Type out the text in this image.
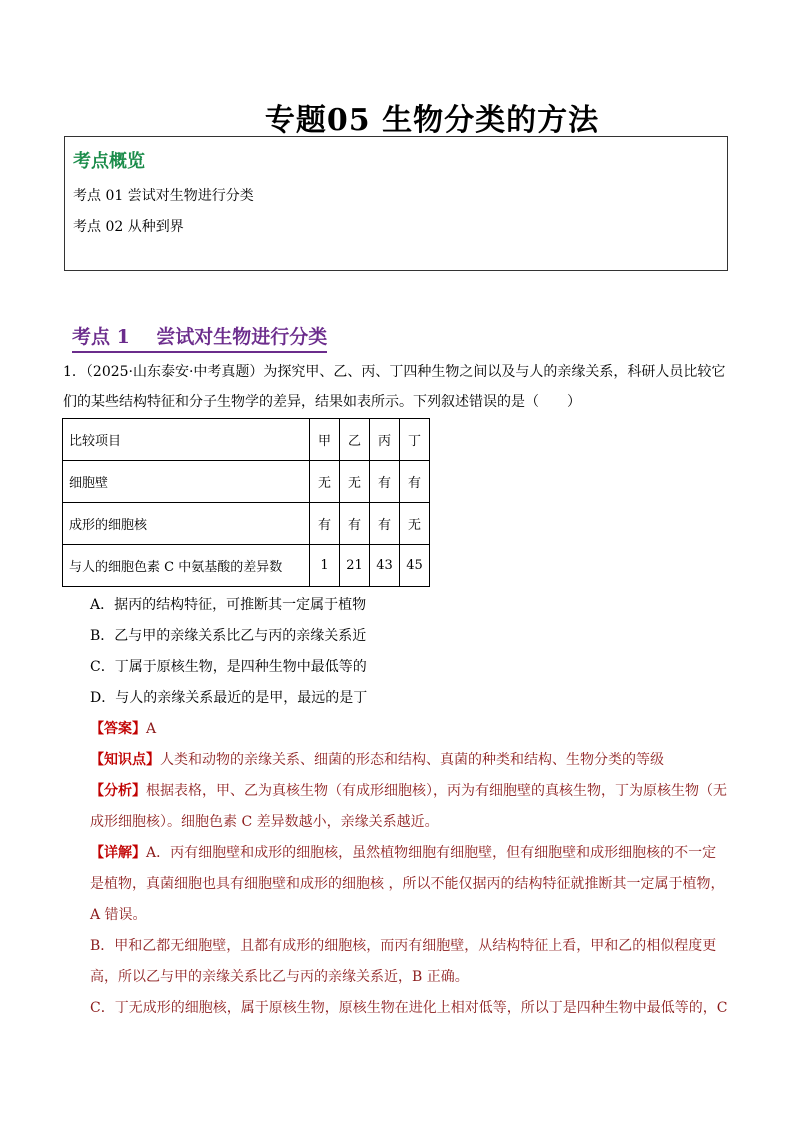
专题05 生物分类的方法
考点概览
考点 01 尝试对生物进行分类
考点 02 从种到界
考点 1    尝试对生物进行分类
1．（2025·山东泰安·中考真题）为探究甲、乙、丙、丁四种生物之间以及与人的亲缘关系，科研人员比较它
们的某些结构特征和分子生物学的差异，结果如表所示。下列叙述错误的是（　　）
比较项目	甲	乙	丙	丁
细胞壁	无	无	有	有
成形的细胞核	有	有	有	无
与人的细胞色素 C 中氨基酸的差异数	1	21	43	45
A．据丙的结构特征，可推断其一定属于植物
B．乙与甲的亲缘关系比乙与丙的亲缘关系近
C．丁属于原核生物，是四种生物中最低等的
D．与人的亲缘关系最近的是甲，最远的是丁
【答案】A
【知识点】人类和动物的亲缘关系、细菌的形态和结构、真菌的种类和结构、生物分类的等级
【分析】根据表格，甲、乙为真核生物（有成形细胞核），丙为有细胞壁的真核生物，丁为原核生物（无
成形细胞核）。细胞色素 C 差异数越小，亲缘关系越近。
【详解】A．丙有细胞壁和成形的细胞核，虽然植物细胞有细胞壁，但有细胞壁和成形细胞核的不一定
是植物，真菌细胞也具有细胞壁和成形的细胞核 ，所以不能仅据丙的结构特征就推断其一定属于植物，
A 错误。
B．甲和乙都无细胞壁，且都有成形的细胞核，而丙有细胞壁，从结构特征上看，甲和乙的相似程度更
高，所以乙与甲的亲缘关系比乙与丙的亲缘关系近，B 正确。
C．丁无成形的细胞核，属于原核生物，原核生物在进化上相对低等，所以丁是四种生物中最低等的，C
